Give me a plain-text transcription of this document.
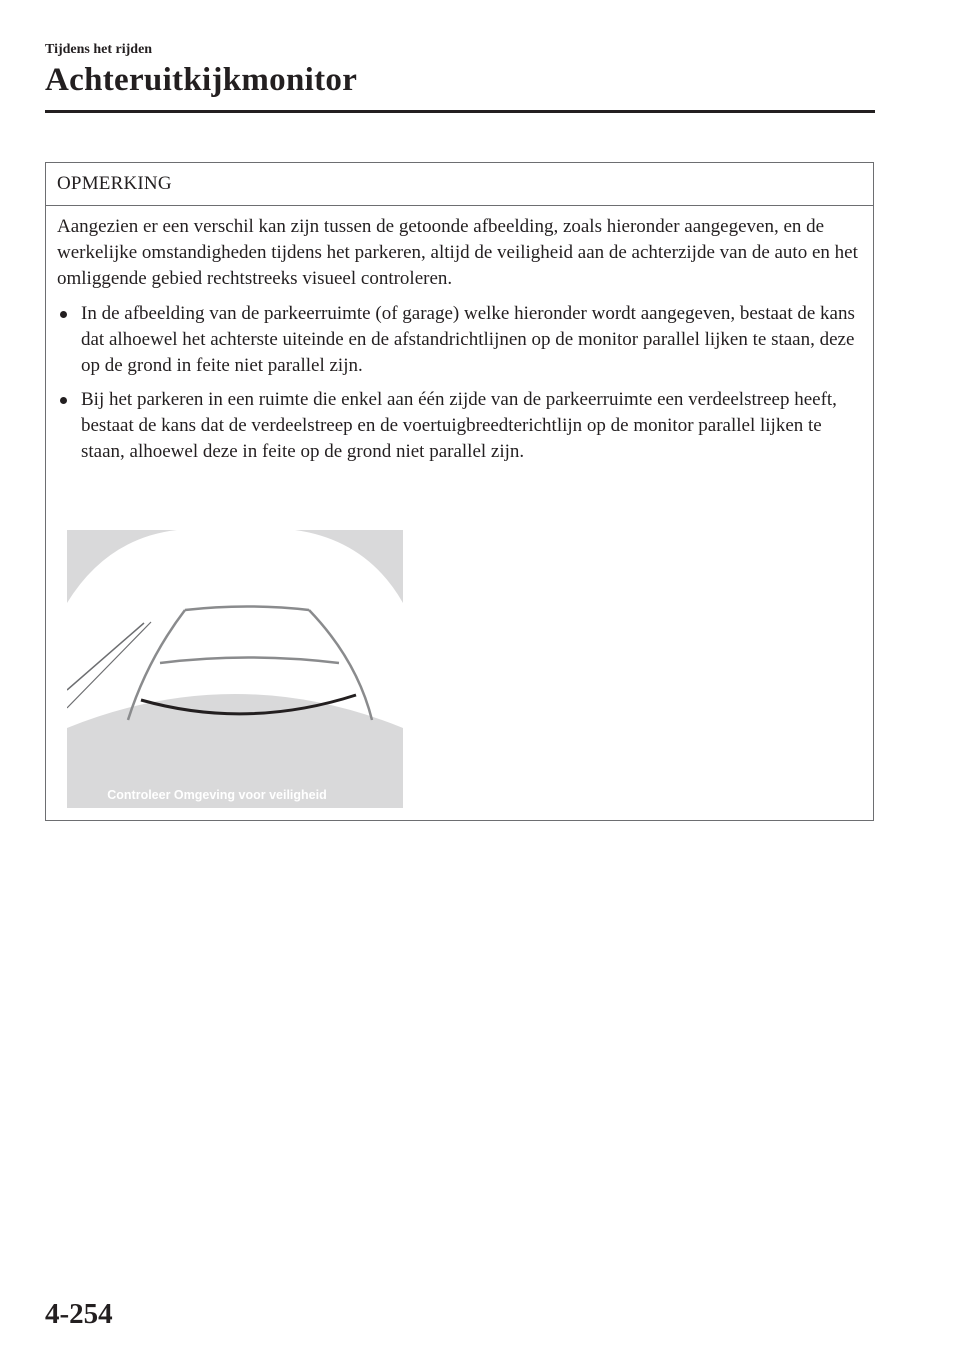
Tijdens het rijden
Achteruitkijkmonitor
OPMERKING

Aangezien er een verschil kan zijn tussen de getoonde afbeelding, zoals hieronder aangegeven, en de werkelijke omstandigheden tijdens het parkeren, altijd de veiligheid aan de achterzijde van de auto en het omliggende gebied rechtstreeks visueel controleren.

In de afbeelding van de parkeerruimte (of garage) welke hieronder wordt aangegeven, bestaat de kans dat alhoewel het achterste uiteinde en de afstandrichtlijnen op de monitor parallel lijken te staan, deze op de grond in feite niet parallel zijn.
Bij het parkeren in een ruimte die enkel aan één zijde van de parkeerruimte een verdeelstreep heeft, bestaat de kans dat de verdeelstreep en de voertuigbreedterichtlijn op de monitor parallel lijken te staan, alhoewel deze in feite op de grond niet parallel zijn.
Controleer Omgeving voor veiligheid
4-254
